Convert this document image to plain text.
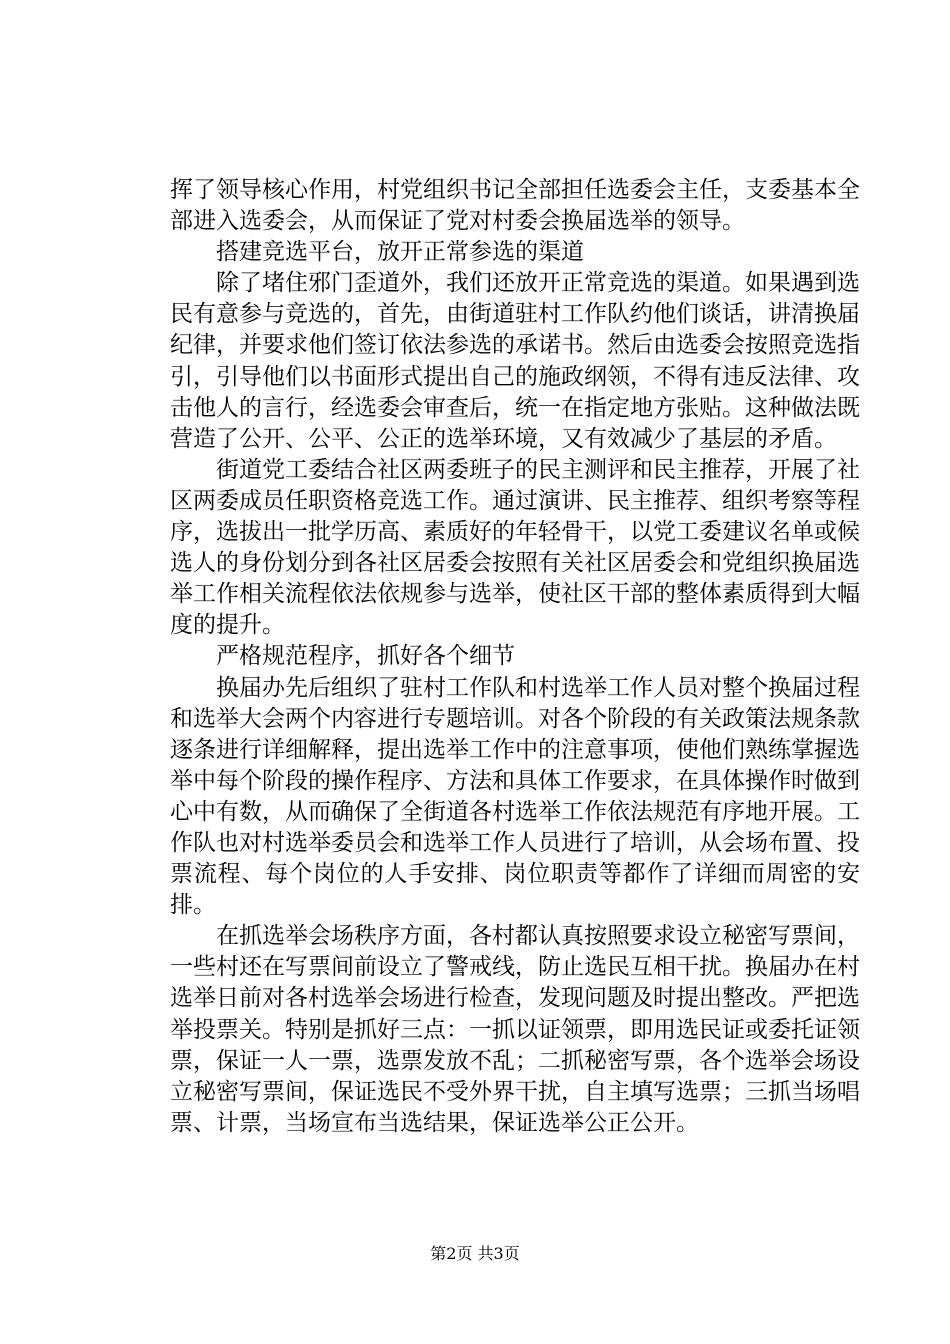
挥了领导核心作用，村党组织书记全部担任选委会主任，支委基本全部进入选委会，从而保证了党对村委会换届选举的领导。

搭建竞选平台，放开正常参选的渠道

除了堵住邪门歪道外，我们还放开正常竞选的渠道。如果遇到选民有意参与竞选的，首先，由街道驻村工作队约他们谈话，讲清换届纪律，并要求他们签订依法参选的承诺书。然后由选委会按照竞选指引，引导他们以书面形式提出自己的施政纲领，不得有违反法律、攻击他人的言行，经选委会审查后，统一在指定地方张贴。这种做法既营造了公开、公平、公正的选举环境，又有效减少了基层的矛盾。

街道党工委结合社区两委班子的民主测评和民主推荐，开展了社区两委成员任职资格竞选工作。通过演讲、民主推荐、组织考察等程序，选拔出一批学历高、素质好的年轻骨干，以党工委建议名单或候选人的身份划分到各社区居委会按照有关社区居委会和党组织换届选举工作相关流程依法依规参与选举，使社区干部的整体素质得到大幅度的提升。

严格规范程序，抓好各个细节

换届办先后组织了驻村工作队和村选举工作人员对整个换届过程和选举大会两个内容进行专题培训。对各个阶段的有关政策法规条款逐条进行详细解释，提出选举工作中的注意事项，使他们熟练掌握选举中每个阶段的操作程序、方法和具体工作要求，在具体操作时做到心中有数，从而确保了全街道各村选举工作依法规范有序地开展。工作队也对村选举委员会和选举工作人员进行了培训，从会场布置、投票流程、每个岗位的人手安排、岗位职责等都作了详细而周密的安排。

在抓选举会场秩序方面，各村都认真按照要求设立秘密写票间，一些村还在写票间前设立了警戒线，防止选民互相干扰。换届办在村选举日前对各村选举会场进行检查，发现问题及时提出整改。严把选举投票关。特别是抓好三点：一抓以证领票，即用选民证或委托证领票，保证一人一票，选票发放不乱；二抓秘密写票，各个选举会场设立秘密写票间，保证选民不受外界干扰，自主填写选票；三抓当场唱票、计票，当场宣布当选结果，保证选举公正公开。

第2页 共3页
